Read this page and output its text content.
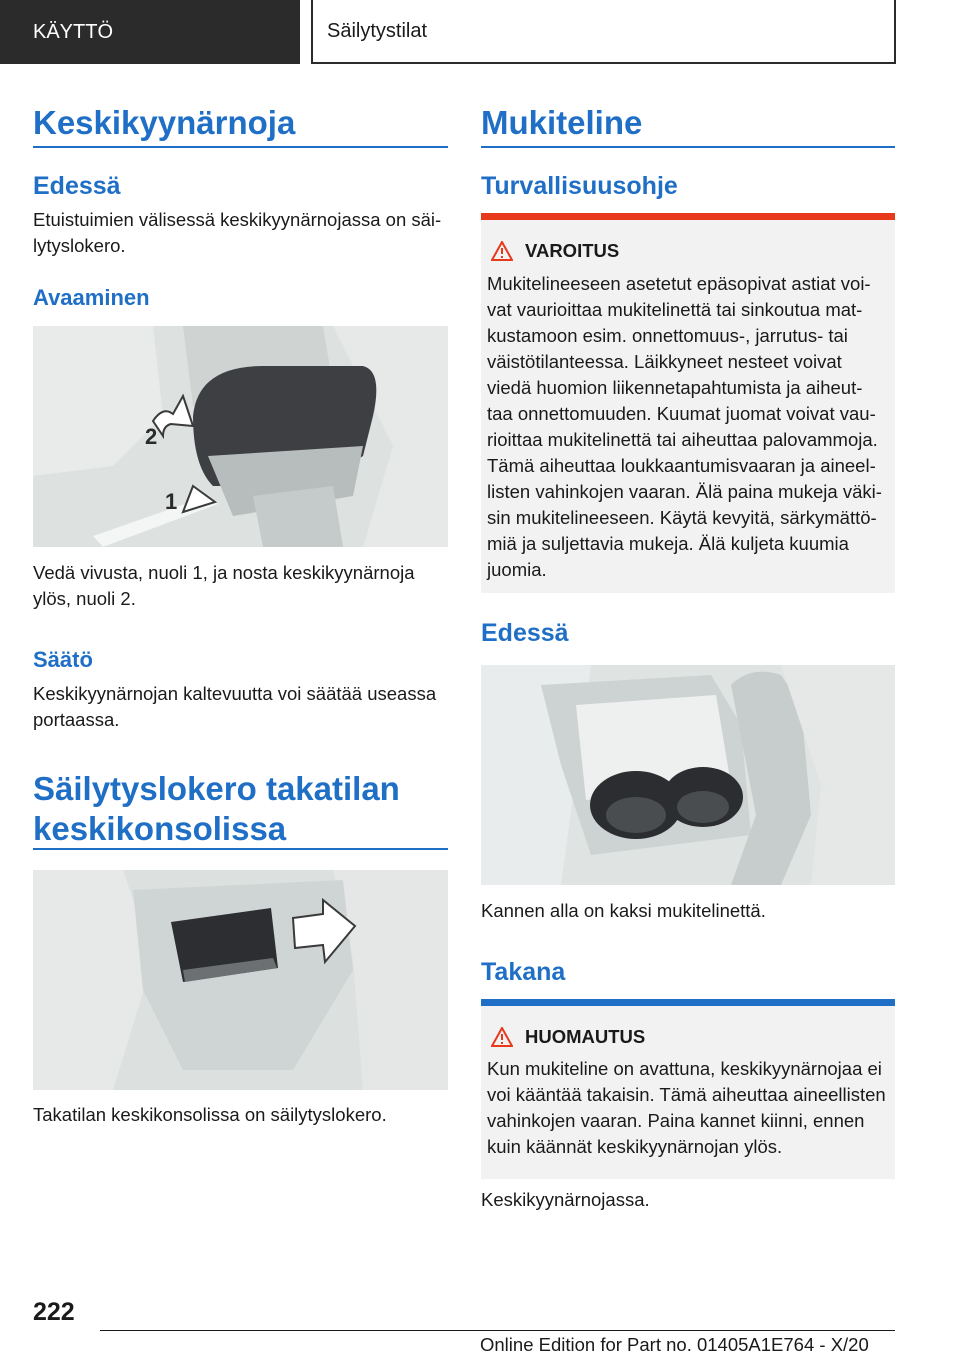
KÄYTTÖ	Säilytystilat
Keskikyynärnoja
Edessä
Etuistuimien välisessä keskikyynärnojassa on säi-
lytyslokero.
Avaaminen
1
2
Vedä vivusta, nuoli 1, ja nosta keskikyynärnoja
ylös, nuoli 2.
Säätö
Keskikyynärnojan kaltevuutta voi säätää useassa
portaassa.
Säilytyslokero takatilan
keskikonsolissa
Takatilan keskikonsolissa on säilytyslokero.
Mukiteline
Turvallisuusohje
VAROITUS
Mukitelineeseen asetetut epäsopivat astiat voi-
vat vaurioittaa mukitelinettä tai sinkoutua mat-
kustamoon esim. onnettomuus-, jarrutus- tai
väistötilanteessa. Läikkyneet nesteet voivat
viedä huomion liikennetapahtumista ja aiheut-
taa onnettomuuden. Kuumat juomat voivat vau-
rioittaa mukitelinettä tai aiheuttaa palovammoja.
Tämä aiheuttaa loukkaantumisvaaran ja aineel-
listen vahinkojen vaaran. Älä paina mukeja väki-
sin mukitelineeseen. Käytä kevyitä, särkymättö-
miä ja suljettavia mukeja. Älä kuljeta kuumia
juomia.
Edessä
Kannen alla on kaksi mukitelinettä.
Takana
HUOMAUTUS
Kun mukiteline on avattuna, keskikyynärnojaa ei
voi kääntää takaisin. Tämä aiheuttaa aineellisten
vahinkojen vaaran. Paina kannet kiinni, ennen
kuin käännät keskikyynärnojan ylös.
Keskikyynärnojassa.
222
Online Edition for Part no. 01405A1E764 - X/20
